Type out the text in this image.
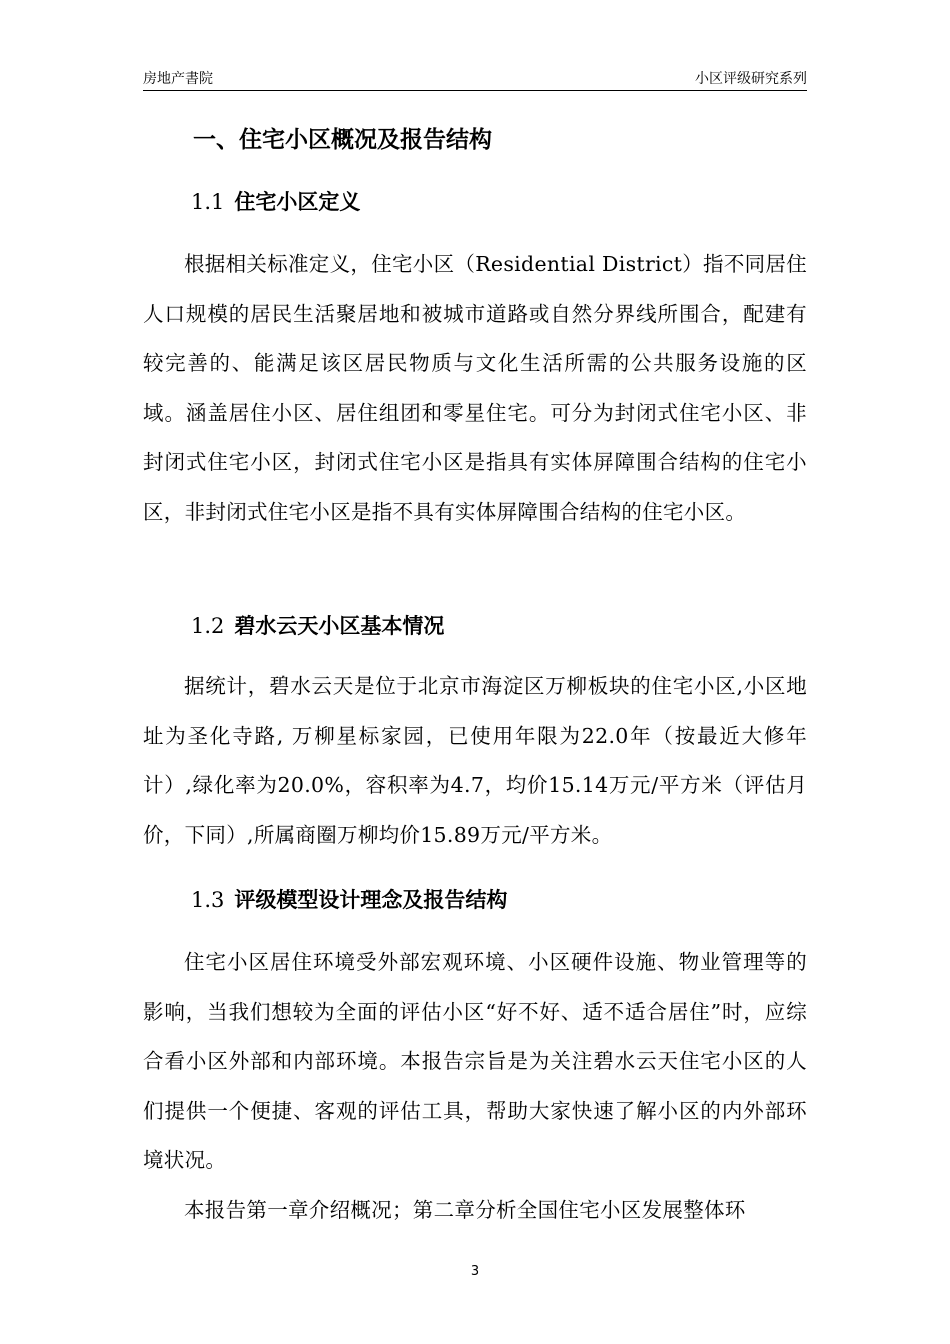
房地产書院	小区评级研究系列
一、住宅小区概况及报告结构
1.1 住宅小区定义
根据相关标准定义，住宅小区（Residential District）指不同居住人口规模的居民生活聚居地和被城市道路或自然分界线所围合，配建有较完善的、能满足该区居民物质与文化生活所需的公共服务设施的区域。涵盖居住小区、居住组团和零星住宅。可分为封闭式住宅小区、非封闭式住宅小区，封闭式住宅小区是指具有实体屏障围合结构的住宅小区，非封闭式住宅小区是指不具有实体屏障围合结构的住宅小区。
1.2 碧水云天小区基本情况
据统计，碧水云天是位于北京市海淀区万柳板块的住宅小区,小区地址为圣化寺路, 万柳星标家园，已使用年限为22.0年（按最近大修年计）,绿化率为20.0%，容积率为4.7，均价15.14万元/平方米（评估月价，下同）,所属商圈万柳均价15.89万元/平方米。
1.3 评级模型设计理念及报告结构
住宅小区居住环境受外部宏观环境、小区硬件设施、物业管理等的影响，当我们想较为全面的评估小区“好不好、适不适合居住”时，应综合看小区外部和内部环境。本报告宗旨是为关注碧水云天住宅小区的人们提供一个便捷、客观的评估工具，帮助大家快速了解小区的内外部环境状况。
本报告第一章介绍概况；第二章分析全国住宅小区发展整体环
3
